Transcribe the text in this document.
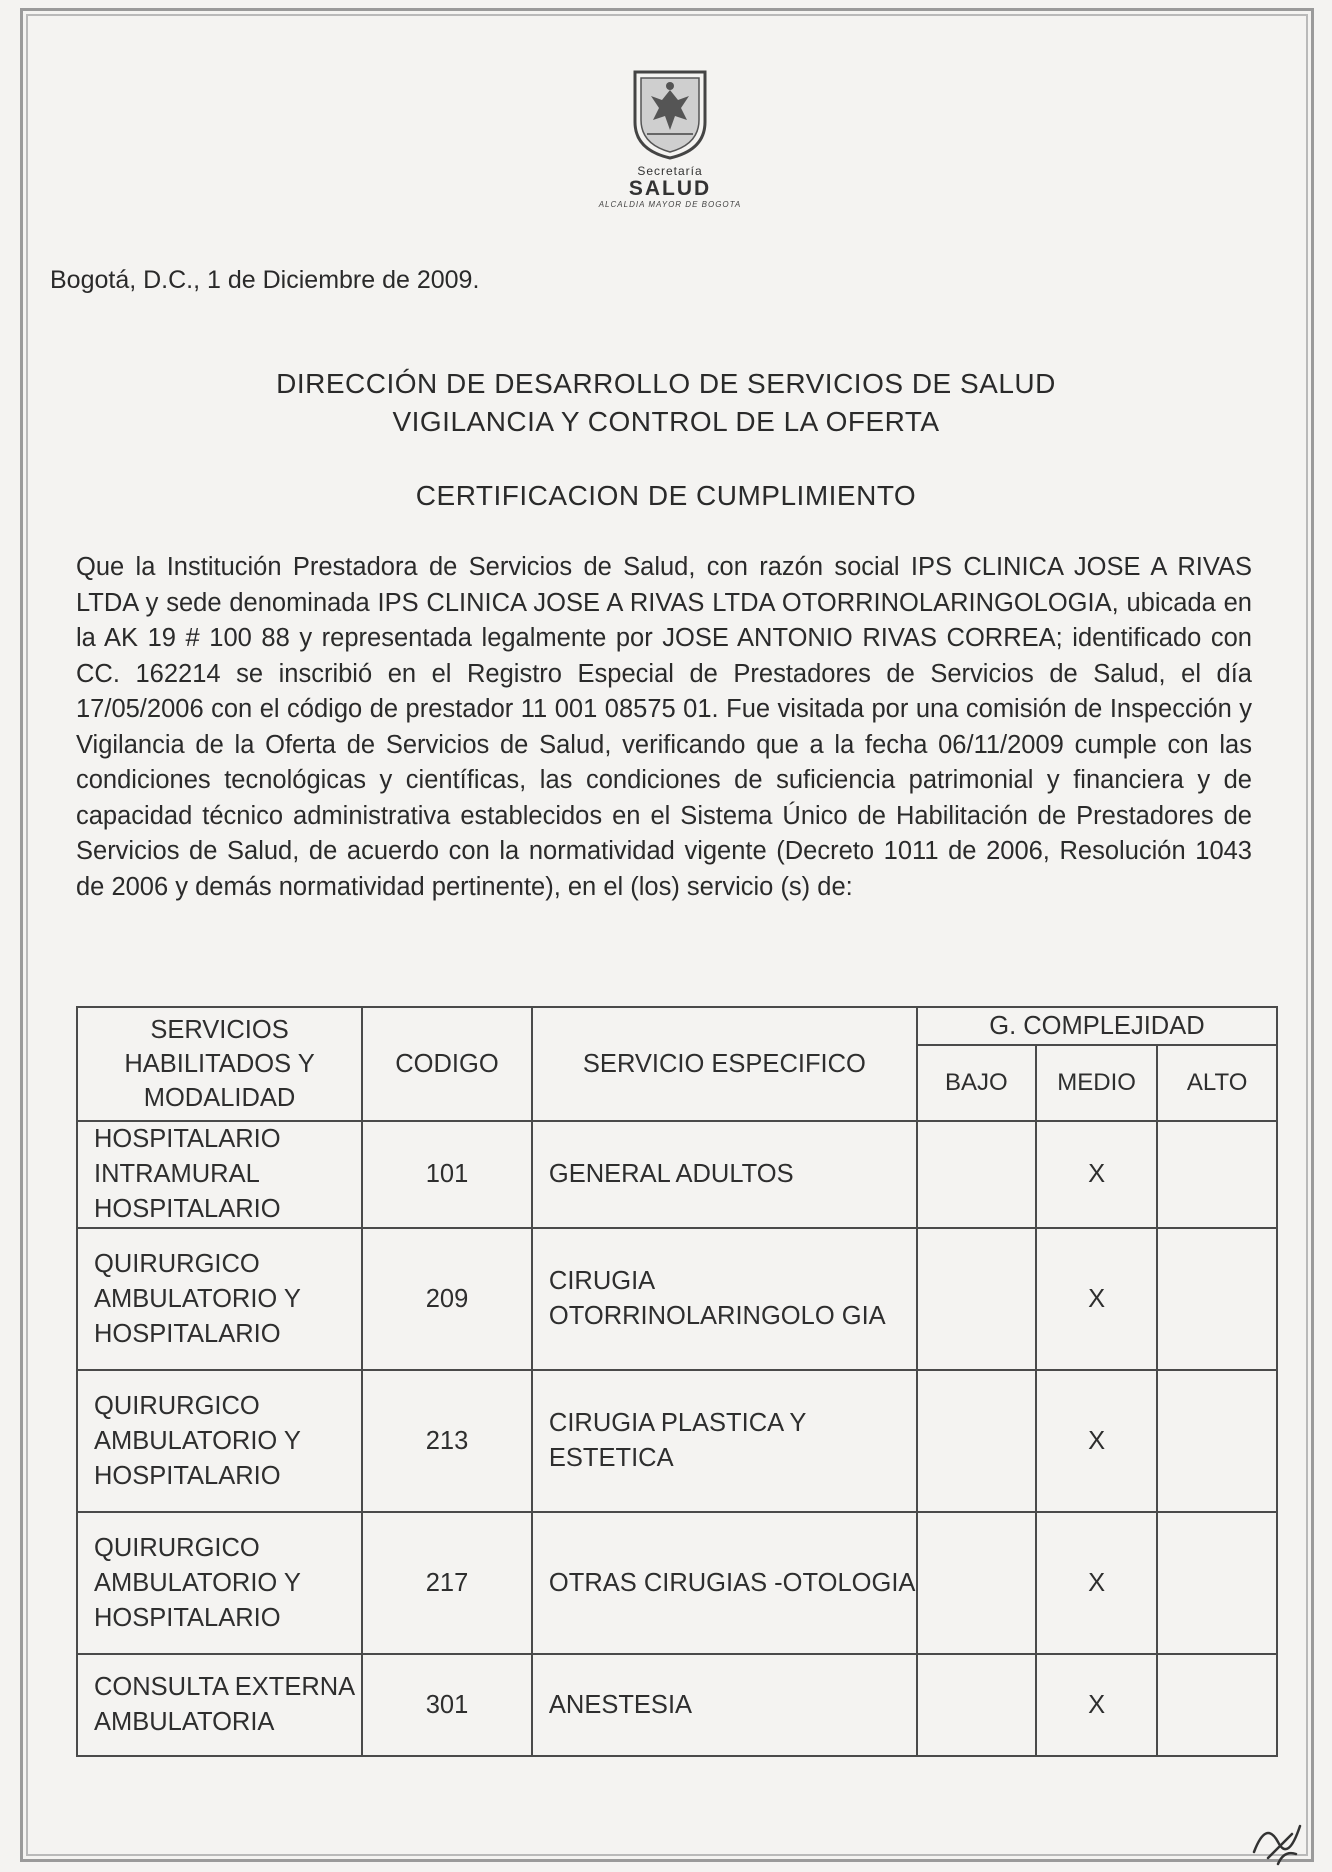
Secretaría
SALUD
ALCALDIA MAYOR DE BOGOTA
Bogotá, D.C., 1 de Diciembre de 2009.
DIRECCIÓN DE DESARROLLO DE SERVICIOS DE SALUD
VIGILANCIA Y CONTROL DE LA OFERTA
CERTIFICACION DE CUMPLIMIENTO
Que la Institución Prestadora de Servicios de Salud, con razón social IPS CLINICA JOSE A RIVAS LTDA y sede denominada IPS CLINICA JOSE A RIVAS LTDA OTORRINOLARINGOLOGIA, ubicada en la AK 19 # 100 88 y representada legalmente por JOSE ANTONIO RIVAS CORREA; identificado con CC. 162214 se inscribió en el Registro Especial de Prestadores de Servicios de Salud, el día 17/05/2006 con el código de prestador 11 001 08575 01. Fue visitada por una comisión de Inspección y Vigilancia de la Oferta de Servicios de Salud, verificando que a la fecha 06/11/2009 cumple con las condiciones tecnológicas y científicas, las condiciones de suficiencia patrimonial y financiera y de capacidad técnico administrativa establecidos en el Sistema Único de Habilitación de Prestadores de Servicios de Salud, de acuerdo con la normatividad vigente (Decreto 1011 de 2006, Resolución 1043 de 2006 y demás normatividad pertinente), en el (los) servicio (s) de:
SERVICIOS HABILITADOS Y MODALIDAD	CODIGO	SERVICIO ESPECIFICO	G. COMPLEJIDAD		
			BAJO	MEDIO	ALTO
HOSPITALARIO INTRAMURAL HOSPITALARIO	101	GENERAL ADULTOS		X	
QUIRURGICO AMBULATORIO Y HOSPITALARIO	209	CIRUGIA OTORRINOLARINGOLO GIA		X	
QUIRURGICO AMBULATORIO Y HOSPITALARIO	213	CIRUGIA PLASTICA Y ESTETICA		X	
QUIRURGICO AMBULATORIO Y HOSPITALARIO	217	OTRAS CIRUGIAS -OTOLOGIA		X	
CONSULTA EXTERNA AMBULATORIA	301	ANESTESIA		X	
